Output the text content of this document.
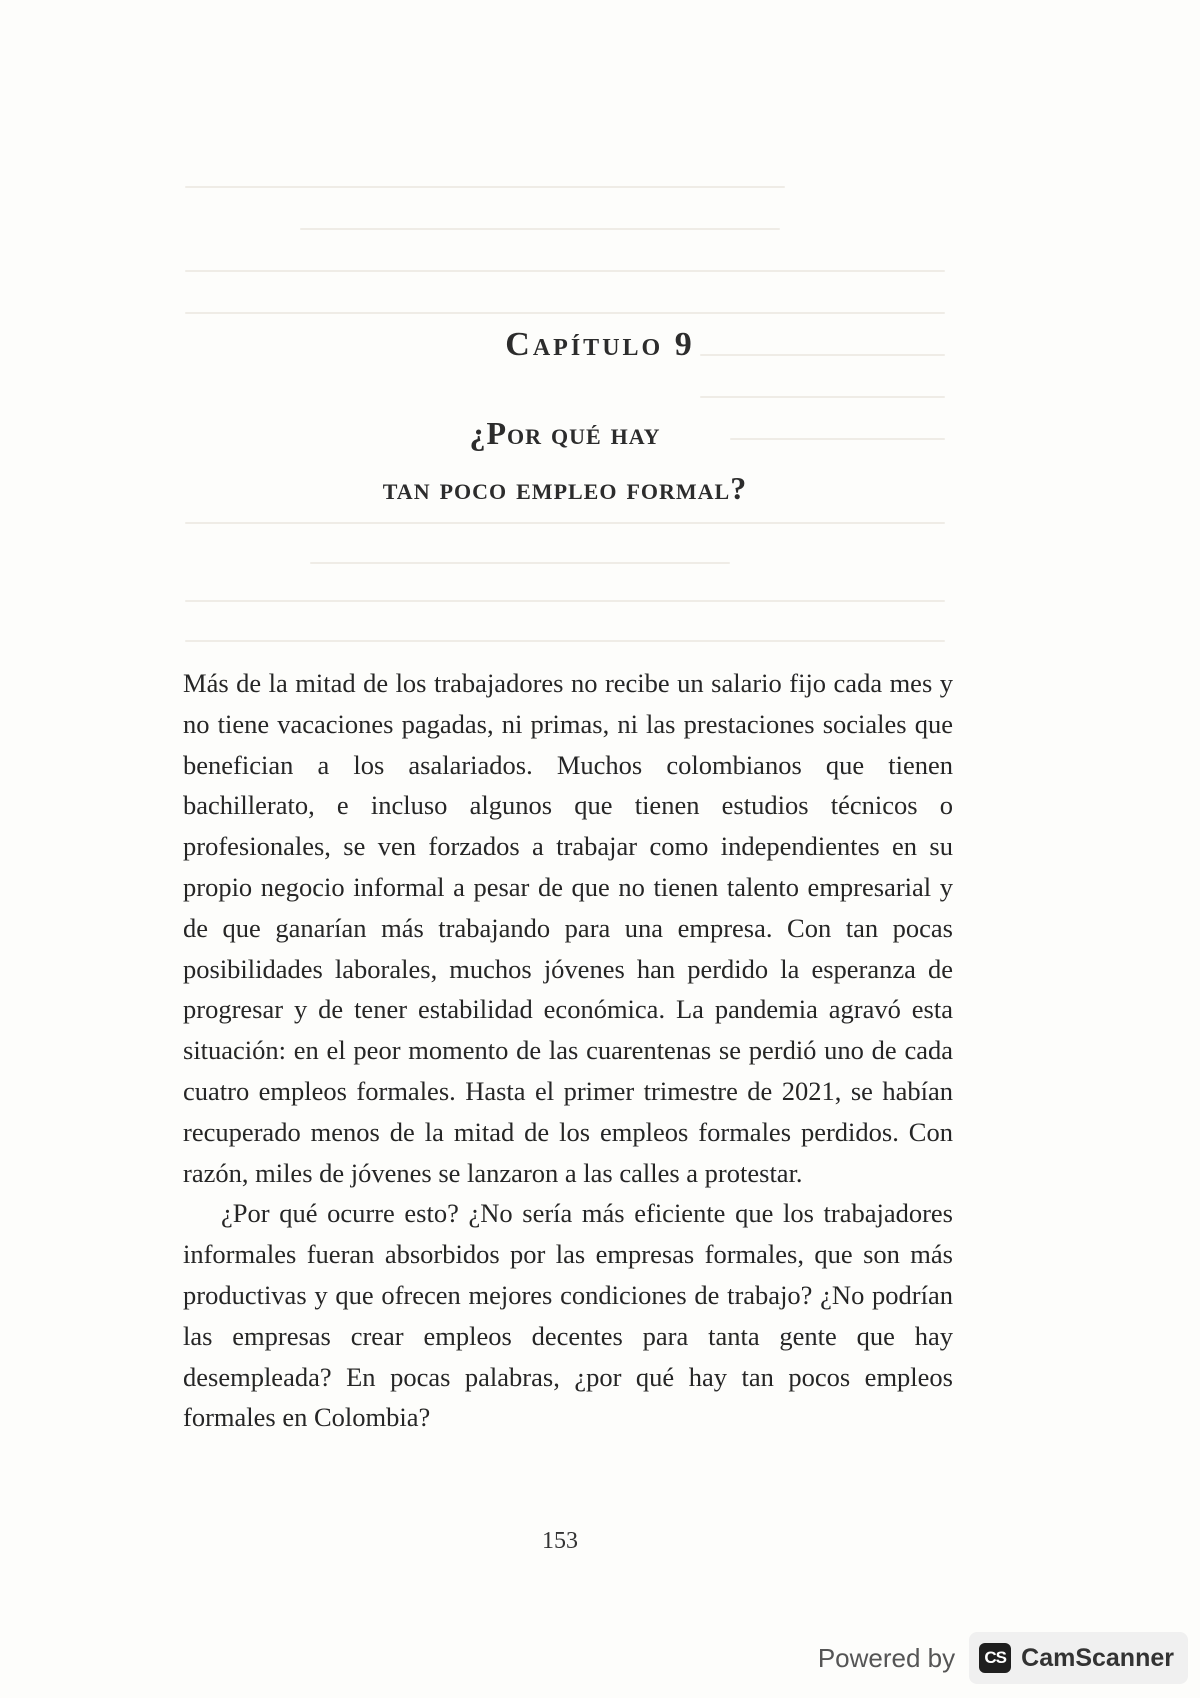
Capítulo 9
¿Por qué hay
tan poco empleo formal?

Más de la mitad de los trabajadores no recibe un salario fijo cada mes y no tiene vacaciones pagadas, ni primas, ni las prestaciones sociales que benefician a los asalariados. Muchos colombianos que tienen bachillerato, e incluso algunos que tienen estudios técnicos o profesionales, se ven forzados a trabajar como independientes en su propio negocio informal a pesar de que no tienen talento empresarial y de que ganarían más trabajando para una empresa. Con tan pocas posibilidades laborales, muchos jóvenes han perdido la esperanza de progresar y de tener estabilidad económica. La pandemia agravó esta situación: en el peor momento de las cuarentenas se perdió uno de cada cuatro empleos formales. Hasta el primer trimestre de 2021, se habían recuperado menos de la mitad de los empleos formales perdidos. Con razón, miles de jóvenes se lanzaron a las calles a protestar.

¿Por qué ocurre esto? ¿No sería más eficiente que los trabajadores informales fueran absorbidos por las empresas formales, que son más productivas y que ofrecen mejores condiciones de trabajo? ¿No podrían las empresas crear empleos decentes para tanta gente que hay desempleada? En pocas palabras, ¿por qué hay tan pocos empleos formales en Colombia?

153
Powered by	CS CamScanner
